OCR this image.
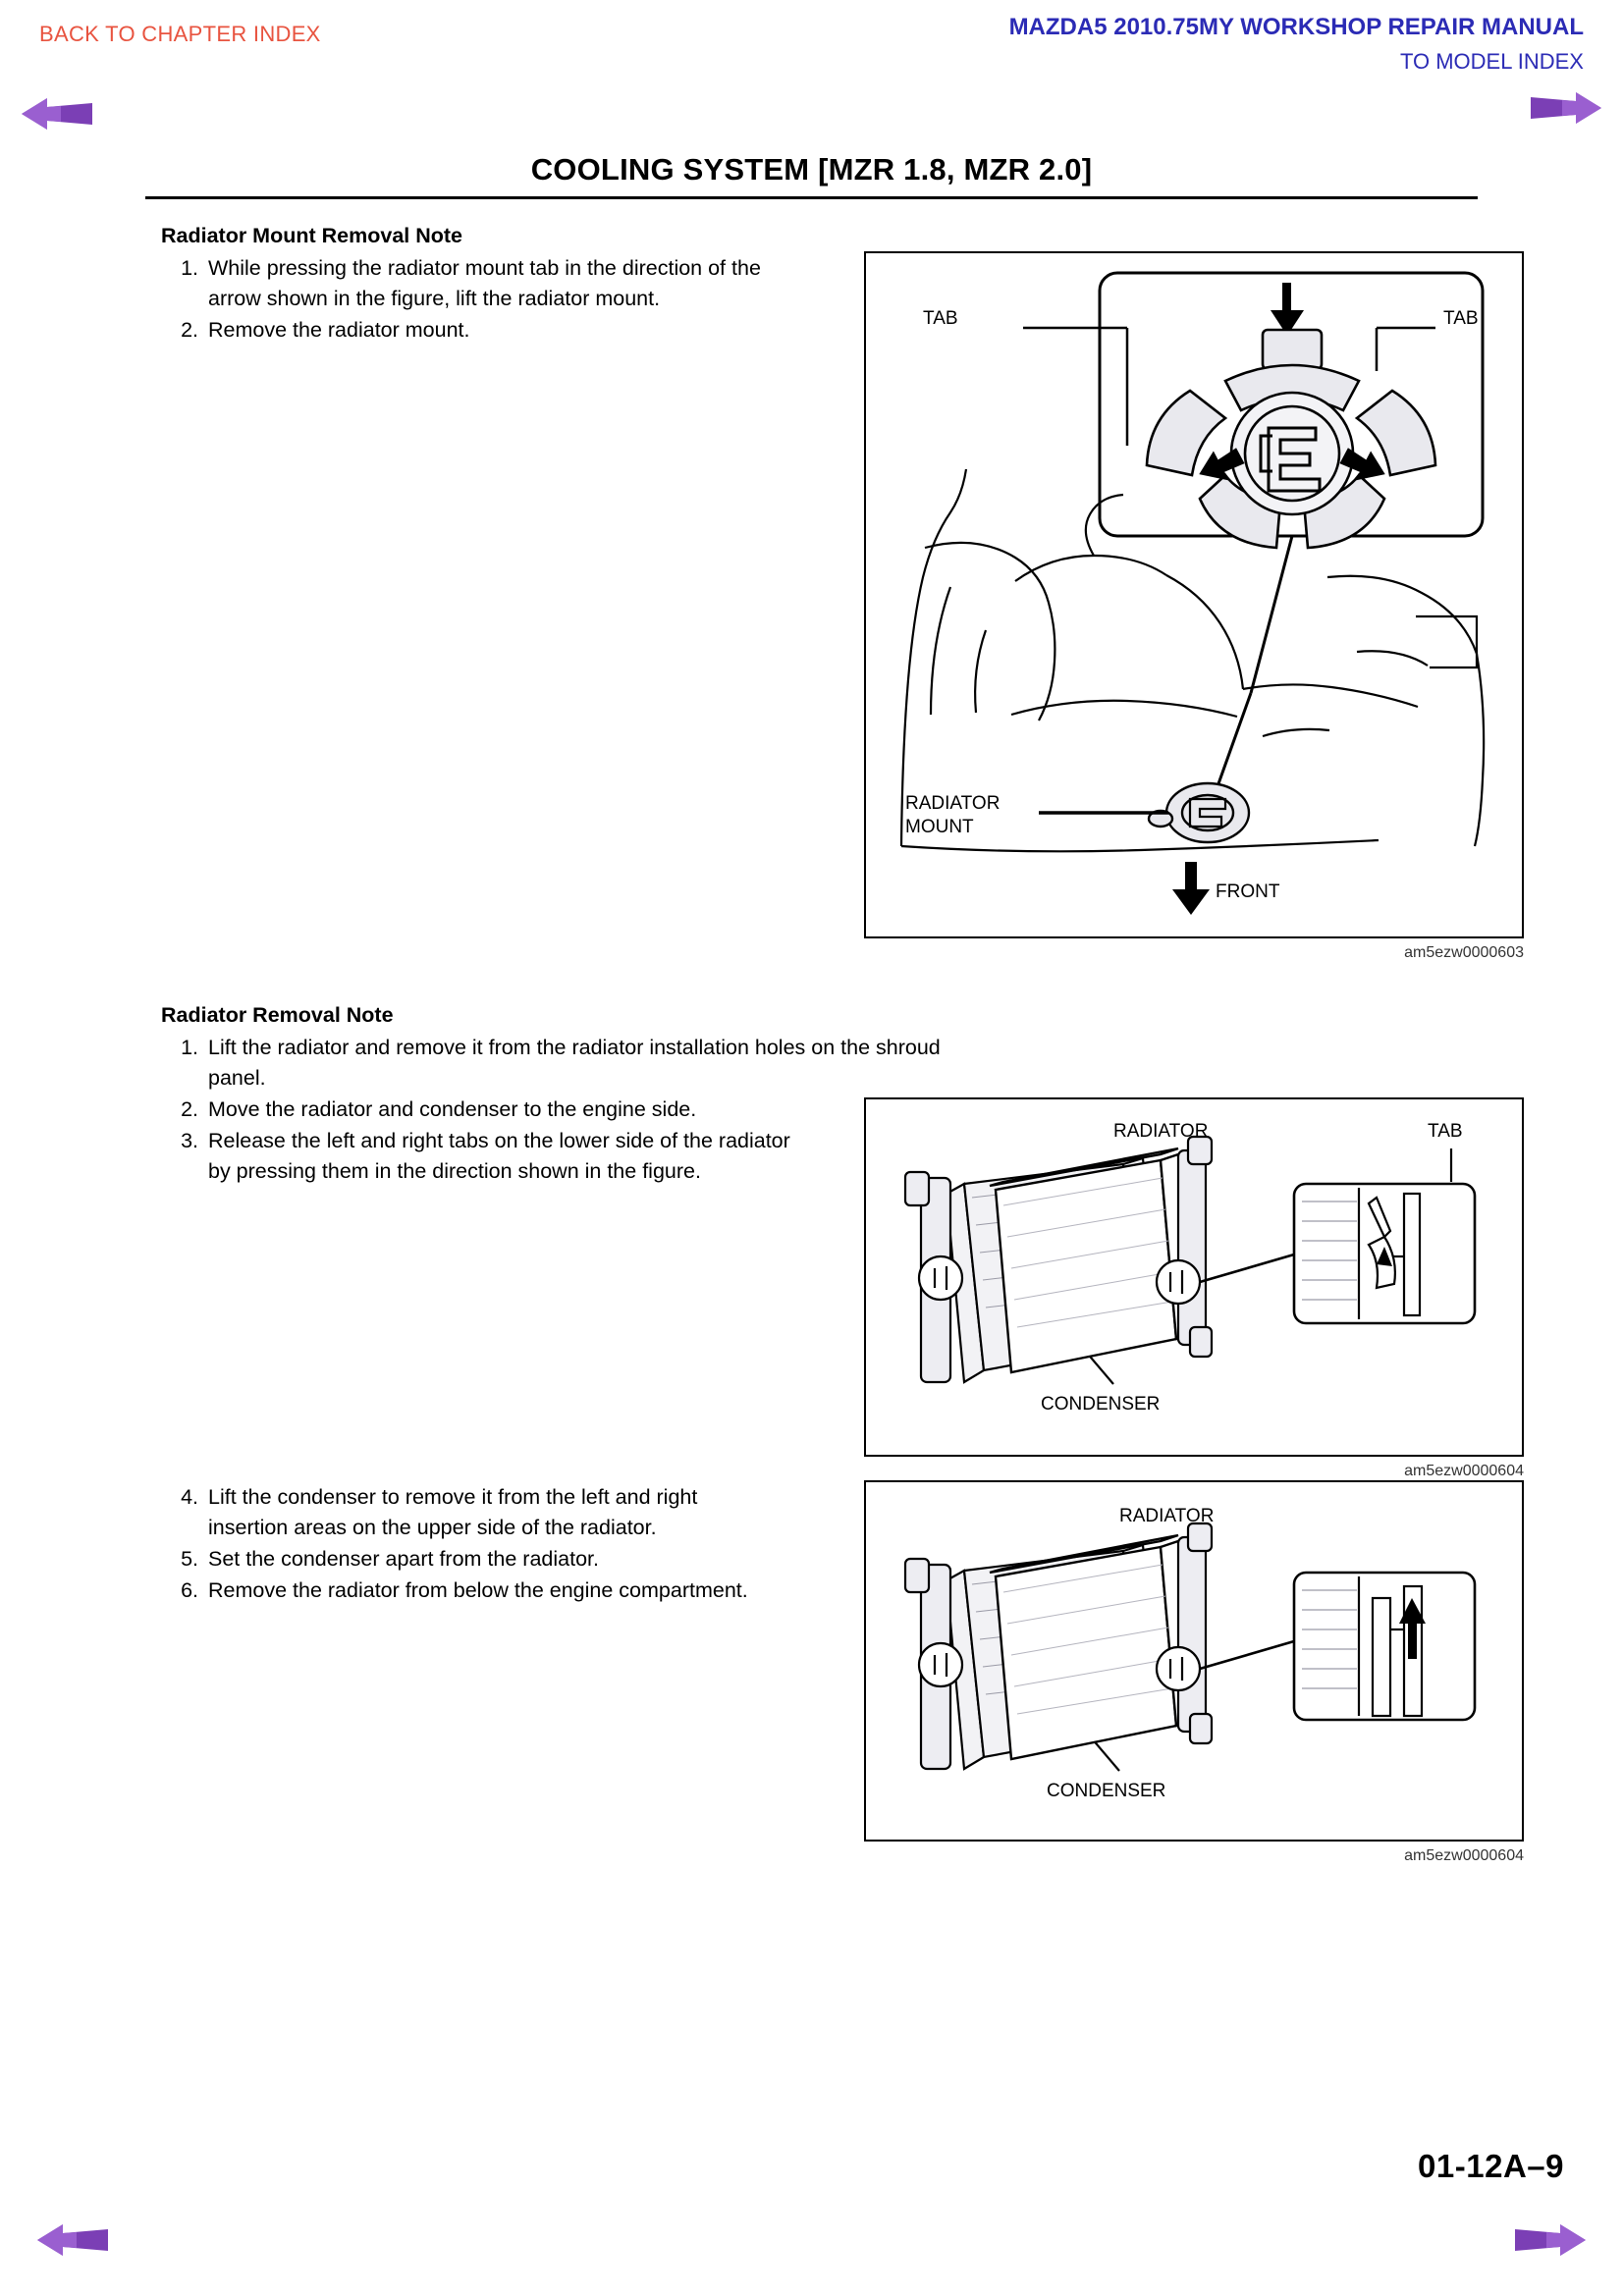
BACK TO CHAPTER INDEX	MAZDA5 2010.75MY WORKSHOP REPAIR MANUAL
TO MODEL INDEX
COOLING SYSTEM [MZR 1.8, MZR 2.0]
Radiator Mount Removal Note
1. While pressing the radiator mount tab in the direction of the arrow shown in the figure, lift the radiator mount.
2. Remove the radiator mount.	TAB	TAB
RADIATOR
MOUNT
FRONT
am5ezw0000603
Radiator Removal Note
1. Lift the radiator and remove it from the radiator installation holes on the shroud panel.
2. Move the radiator and condenser to the engine side.
3. Release the left and right tabs on the lower side of the radiator by pressing them in the direction shown in the figure.
RADIATOR	TAB
CONDENSER
am5ezw0000604
4. Lift the condenser to remove it from the left and right insertion areas on the upper side of the radiator.
5. Set the condenser apart from the radiator.
6. Remove the radiator from below the engine compartment.
RADIATOR
CONDENSER
am5ezw0000604
01-12A–9
